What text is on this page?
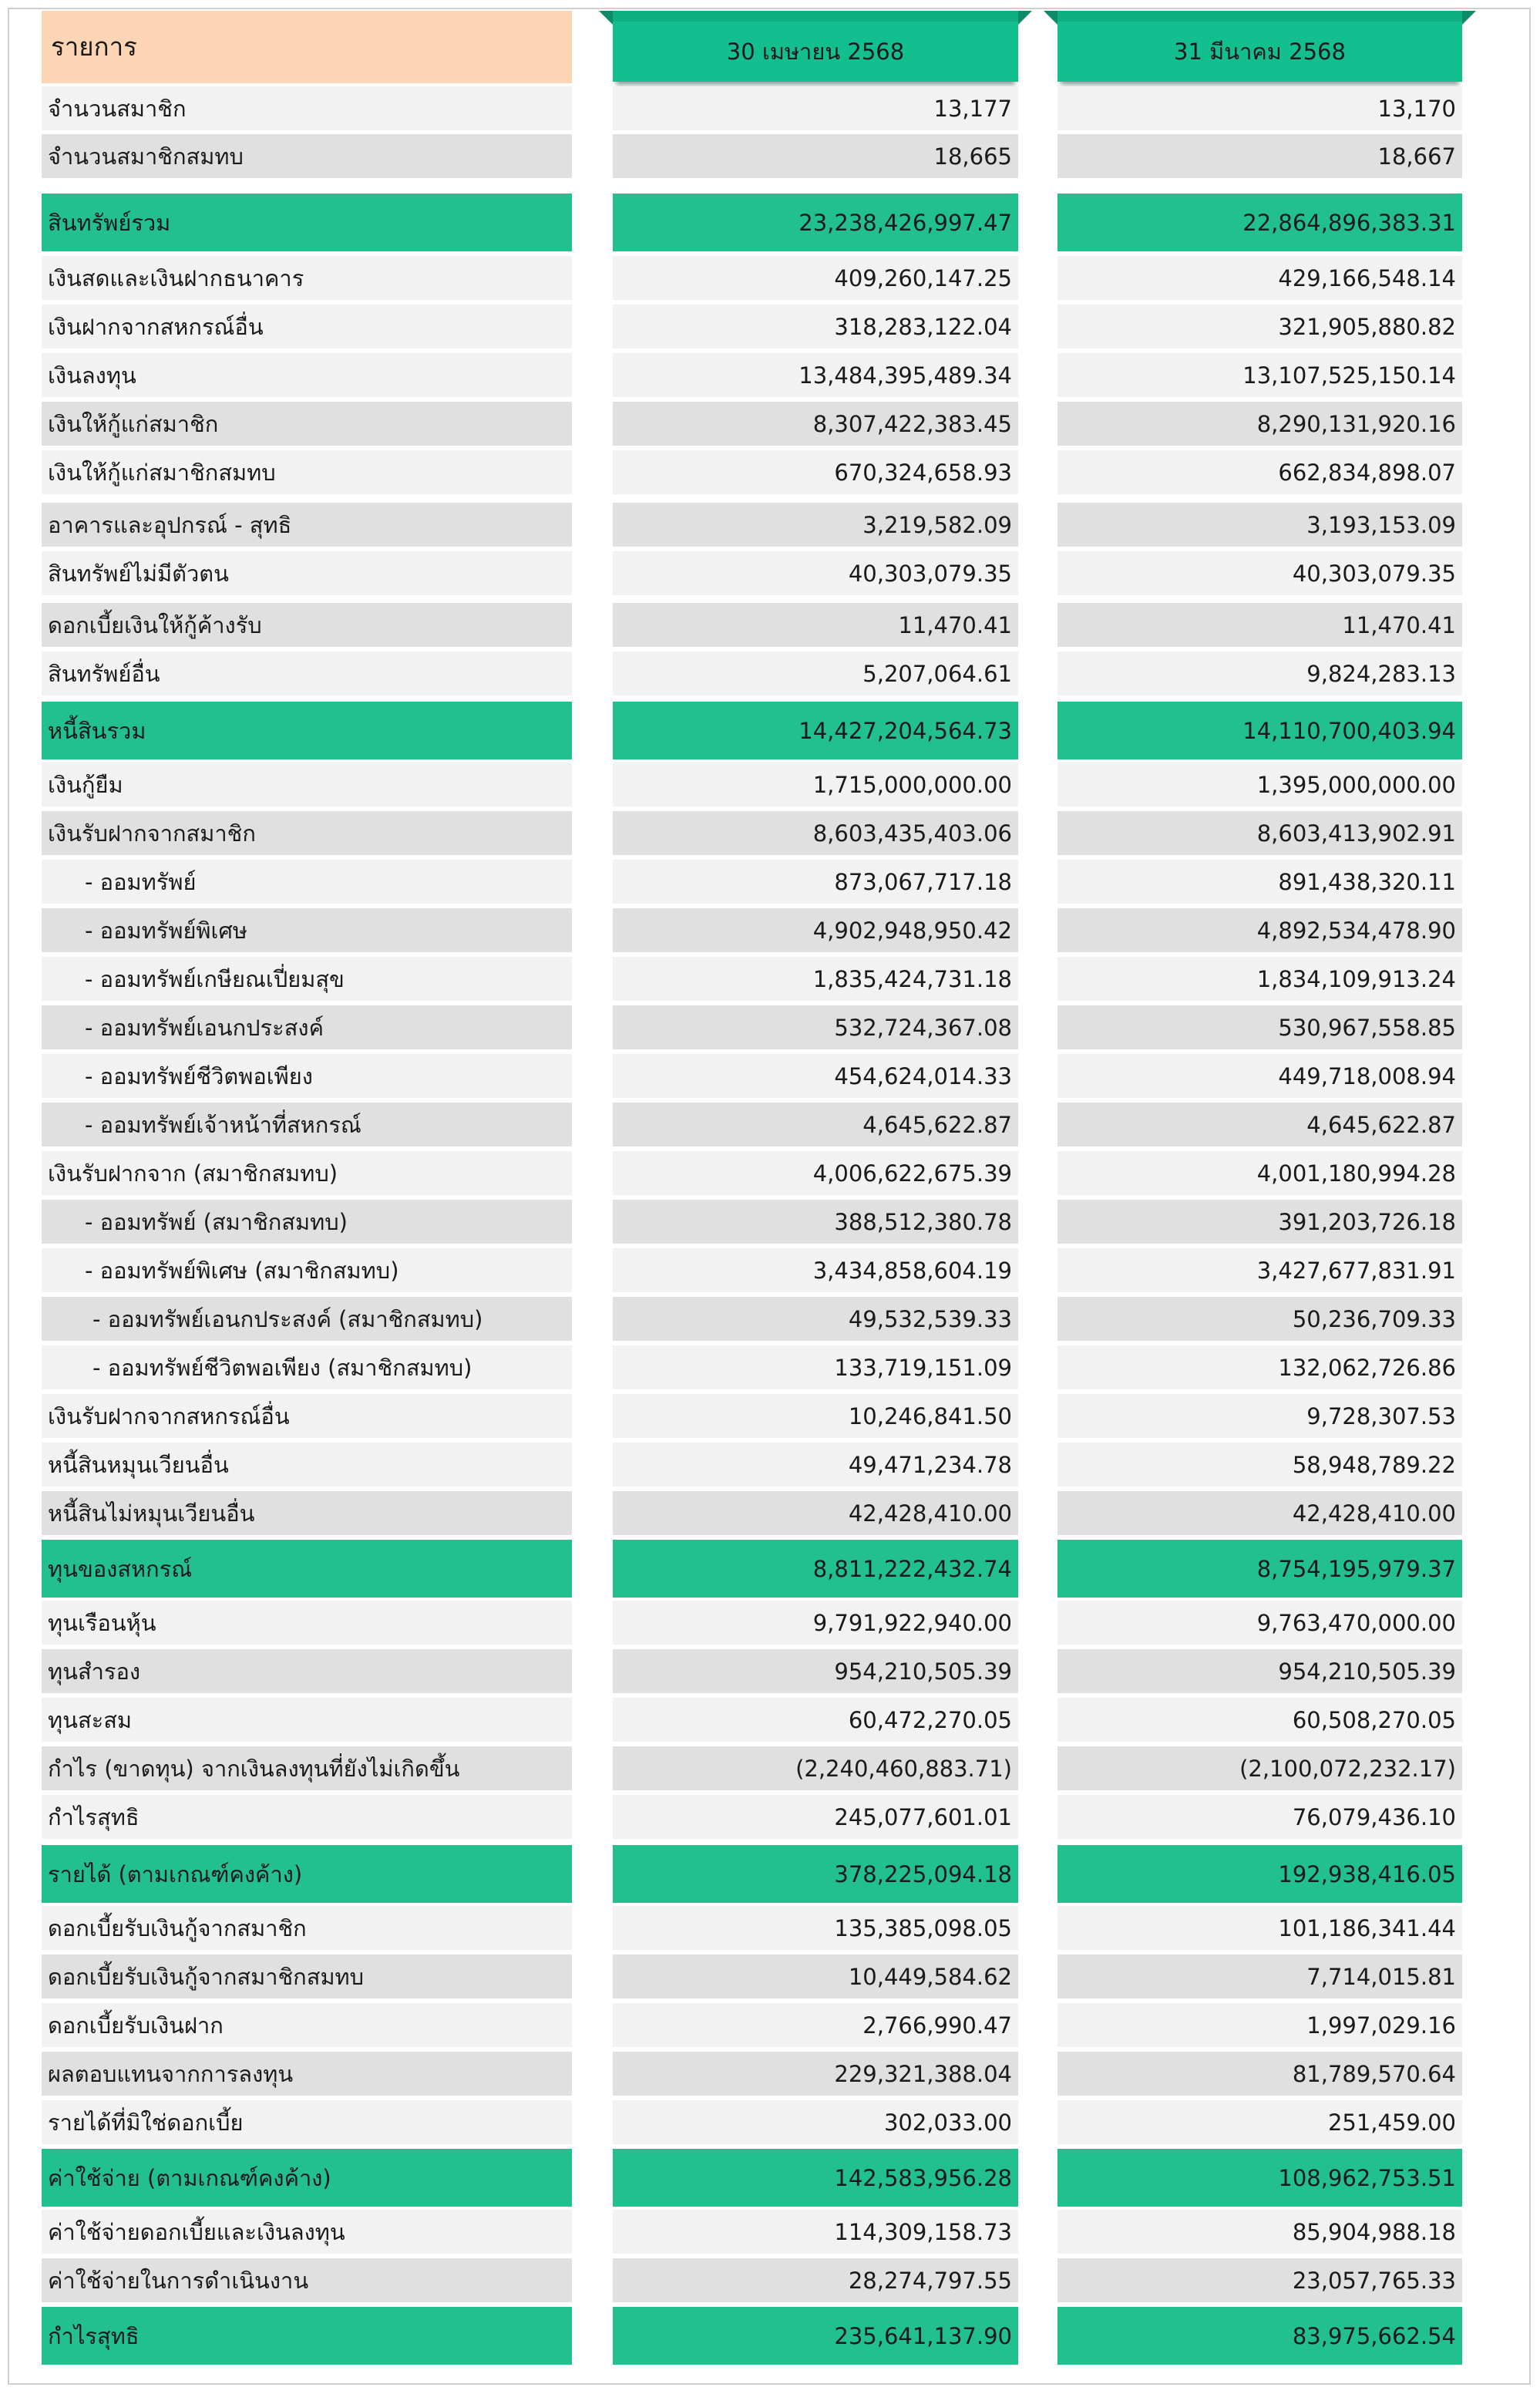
รายการ	30 เมษายน 2568	31 มีนาคม 2568
จำนวนสมาชิก	13,177	13,170
จำนวนสมาชิกสมทบ	18,665	18,667
สินทรัพย์รวม	23,238,426,997.47	22,864,896,383.31
เงินสดและเงินฝากธนาคาร	409,260,147.25	429,166,548.14
เงินฝากจากสหกรณ์อื่น	318,283,122.04	321,905,880.82
เงินลงทุน	13,484,395,489.34	13,107,525,150.14
เงินให้กู้แก่สมาชิก	8,307,422,383.45	8,290,131,920.16
เงินให้กู้แก่สมาชิกสมทบ	670,324,658.93	662,834,898.07
อาคารและอุปกรณ์ - สุทธิ	3,219,582.09	3,193,153.09
สินทรัพย์ไม่มีตัวตน	40,303,079.35	40,303,079.35
ดอกเบี้ยเงินให้กู้ค้างรับ	11,470.41	11,470.41
สินทรัพย์อื่น	5,207,064.61	9,824,283.13
หนี้สินรวม	14,427,204,564.73	14,110,700,403.94
เงินกู้ยืม	1,715,000,000.00	1,395,000,000.00
เงินรับฝากจากสมาชิก	8,603,435,403.06	8,603,413,902.91
- ออมทรัพย์	873,067,717.18	891,438,320.11
- ออมทรัพย์พิเศษ	4,902,948,950.42	4,892,534,478.90
- ออมทรัพย์เกษียณเปี่ยมสุข	1,835,424,731.18	1,834,109,913.24
- ออมทรัพย์เอนกประสงค์	532,724,367.08	530,967,558.85
- ออมทรัพย์ชีวิตพอเพียง	454,624,014.33	449,718,008.94
- ออมทรัพย์เจ้าหน้าที่สหกรณ์	4,645,622.87	4,645,622.87
เงินรับฝากจาก (สมาชิกสมทบ)	4,006,622,675.39	4,001,180,994.28
- ออมทรัพย์ (สมาชิกสมทบ)	388,512,380.78	391,203,726.18
- ออมทรัพย์พิเศษ (สมาชิกสมทบ)	3,434,858,604.19	3,427,677,831.91
- ออมทรัพย์เอนกประสงค์ (สมาชิกสมทบ)	49,532,539.33	50,236,709.33
- ออมทรัพย์ชีวิตพอเพียง (สมาชิกสมทบ)	133,719,151.09	132,062,726.86
เงินรับฝากจากสหกรณ์อื่น	10,246,841.50	9,728,307.53
หนี้สินหมุนเวียนอื่น	49,471,234.78	58,948,789.22
หนี้สินไม่หมุนเวียนอื่น	42,428,410.00	42,428,410.00
ทุนของสหกรณ์	8,811,222,432.74	8,754,195,979.37
ทุนเรือนหุ้น	9,791,922,940.00	9,763,470,000.00
ทุนสำรอง	954,210,505.39	954,210,505.39
ทุนสะสม	60,472,270.05	60,508,270.05
กำไร (ขาดทุน) จากเงินลงทุนที่ยังไม่เกิดขึ้น	(2,240,460,883.71)	(2,100,072,232.17)
กำไรสุทธิ	245,077,601.01	76,079,436.10
รายได้ (ตามเกณฑ์คงค้าง)	378,225,094.18	192,938,416.05
ดอกเบี้ยรับเงินกู้จากสมาชิก	135,385,098.05	101,186,341.44
ดอกเบี้ยรับเงินกู้จากสมาชิกสมทบ	10,449,584.62	7,714,015.81
ดอกเบี้ยรับเงินฝาก	2,766,990.47	1,997,029.16
ผลตอบแทนจากการลงทุน	229,321,388.04	81,789,570.64
รายได้ที่มิใช่ดอกเบี้ย	302,033.00	251,459.00
ค่าใช้จ่าย (ตามเกณฑ์คงค้าง)	142,583,956.28	108,962,753.51
ค่าใช้จ่ายดอกเบี้ยและเงินลงทุน	114,309,158.73	85,904,988.18
ค่าใช้จ่ายในการดำเนินงาน	28,274,797.55	23,057,765.33
กำไรสุทธิ	235,641,137.90	83,975,662.54
